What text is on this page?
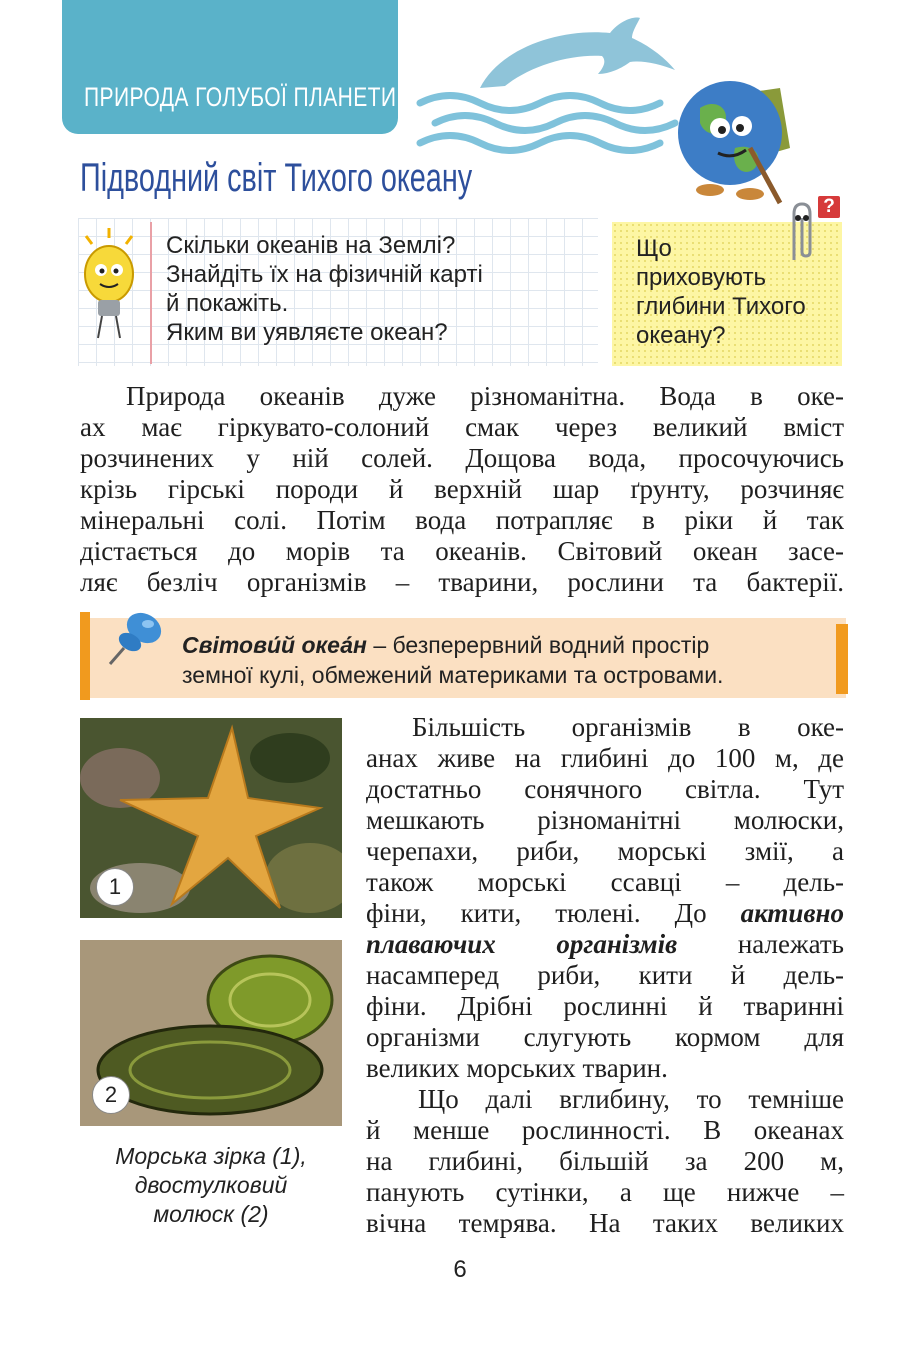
ПРИРОДА ГОЛУБОЇ ПЛАНЕТИ
Підводний світ Тихого океану
Скільки океанів на Землі?
Знайдіть їх на фізичній карті
й покажіть.
Яким ви уявляєте океан?
Що
приховують
глибини Тихого
океану?
?
Природа океанів дуже різноманітна. Вода в оке-
ах має гіркувато-солоний смак через великий вміст
розчинених у ній солей. Дощова вода, просочуючись
крізь гірські породи й верхній шар ґрунту, розчиняє
мінеральні солі. Потім вода потрапляє в ріки й так
дістається до морів та океанів. Світовий океан засе-
ляє безліч організмів – тварини, рослини та бактерії.
Світови́й океа́н – безперервний водний простір
земної кулі, обмежений материками та островами.
1
2
Морська зірка (1),
двостулковий
молюск (2)
Більшість організмів в оке-
анах живе на глибині до 100 м, де
достатньо сонячного світла. Тут
мешкають різноманітні молюски,
черепахи, риби, морські змії, а
також морські ссавці – дель-
фіни, кити, тюлені. До активно
плаваючих організмів належать
насамперед риби, кити й дель-
фіни. Дрібні рослинні й тваринні
організми слугують кормом для
великих морських тварин.
Що далі вглибину, то темніше
й менше рослинності. В океанах
на глибині, більшій за 200 м,
панують сутінки, а ще нижче –
вічна темрява. На таких великих
6
